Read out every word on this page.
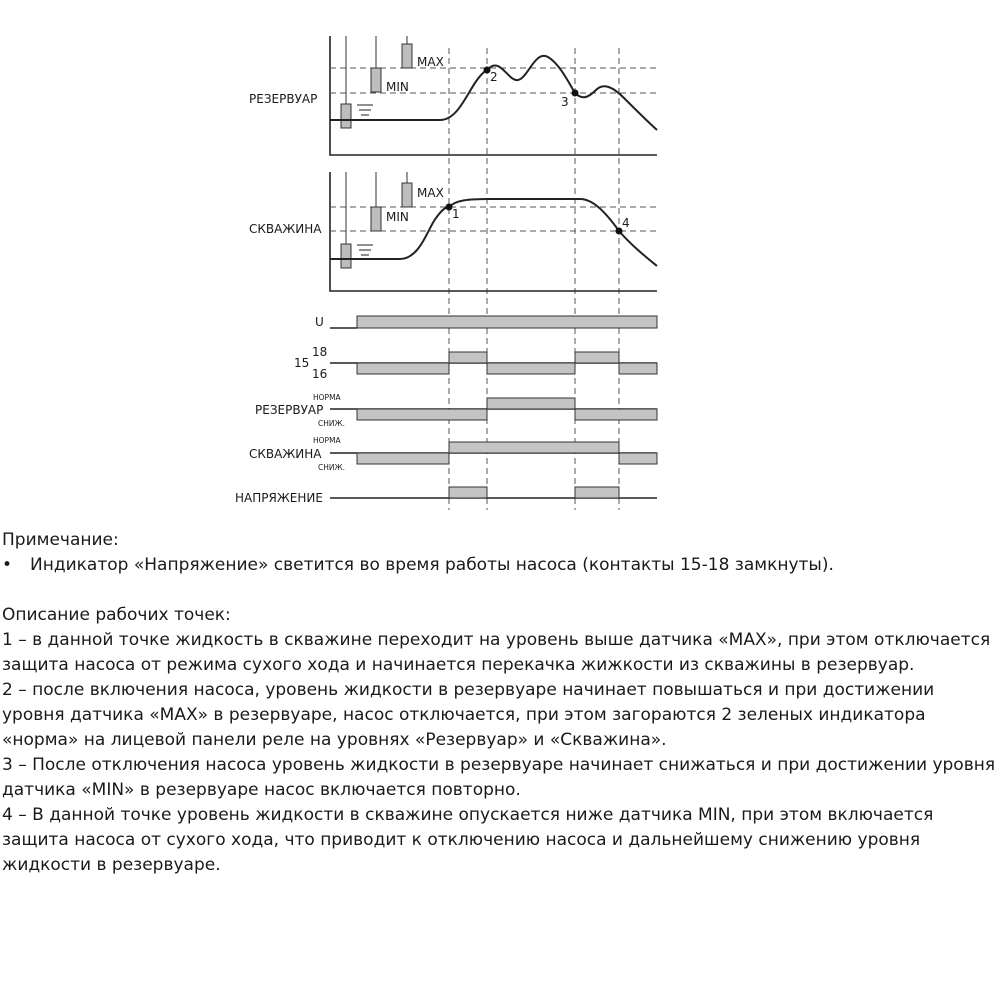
MAX
MIN
РЕЗЕРВУАР
2
3
MAX
MIN
СКВАЖИНА
1
4
U
15
18
16
НОРМА
РЕЗЕРВУАР
СНИЖ.
НОРМА
СКВАЖИНА
СНИЖ.
НАПРЯЖЕНИЕ

Примечание:

• Индикатор «Напряжение» светится во время работы насоса (контакты 15-18 замкнуты).

Описание рабочих точек:

1 – в данной точке жидкость в скважине переходит на уровень выше датчика «MAX», при этом отключается защита насоса от режима сухого хода и начинается перекачка жижкости из скважины в резервуар.

2 – после включения насоса, уровень жидкости в резервуаре начинает повышаться и при достижении уровня датчика «MAX» в резервуаре, насос отключается, при этом загораются 2 зеленых индикатора «норма» на лицевой панели реле на уровнях «Резервуар» и «Скважина».

3 – После отключения насоса уровень жидкости в резервуаре начинает снижаться и при достижении уровня датчика «MIN» в резервуаре насос включается повторно.

4 – В данной точке уровень жидкости в скважине опускается ниже датчика MIN, при этом включается защита насоса от сухого хода, что приводит к отключению насоса и дальнейшему снижению уровня жидкости в резервуаре.
